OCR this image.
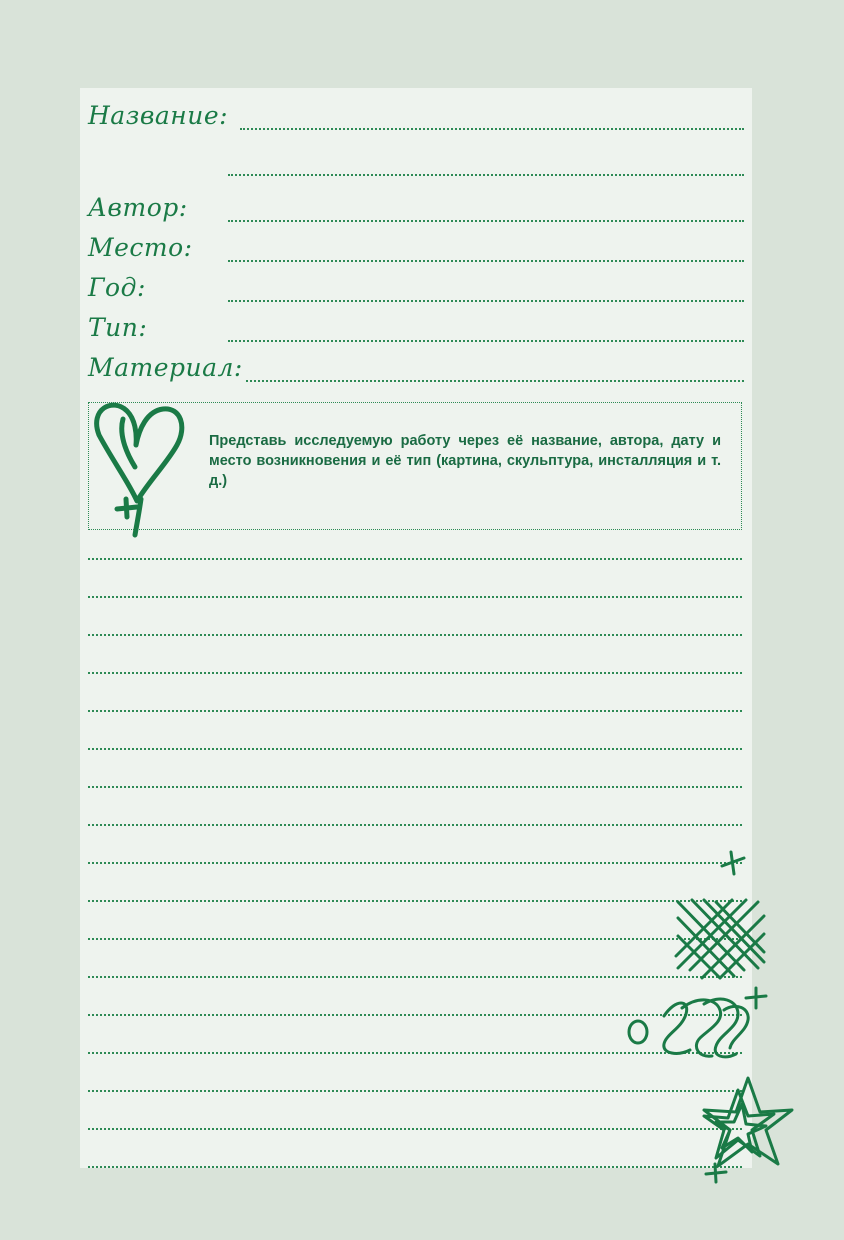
Название:
Автор:
Место:
Год:
Тип:
Материал:
Представь исследуемую работу через её название, автора, дату и место возникновения и её тип (картина, скульптура, инсталляция и т. д.)
